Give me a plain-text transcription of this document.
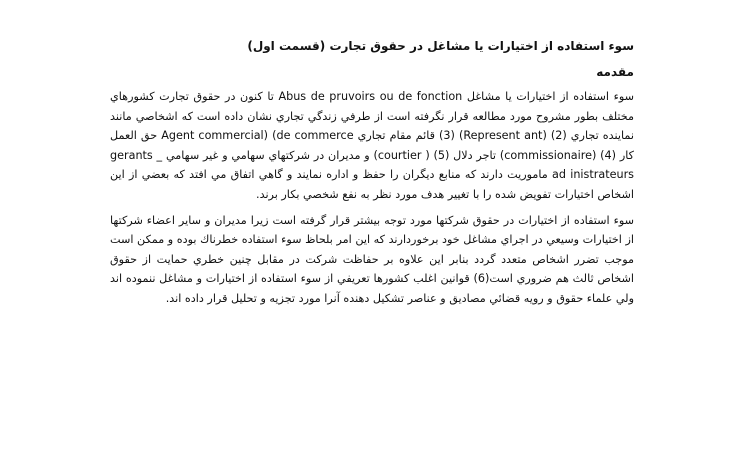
سوء استفاده از اختيارات يا مشاغل در حقوق تجارت (قسمت اول)
مقدمه

سوء استفاده از اختيارات يا مشاغل Abus de pruvoirs ou de fonction تا كنون در حقوق تجارت كشورهاي مختلف بطور مشروح مورد مطالعه قرار نگرفته است از طرفي زندگي تجاري نشان داده است كه اشخاصي مانند نماينده تجاري (2) (Represent ant) (3) قائم مقام تجاري Agent commercial) (de commerce حق العمل كار (4) (commissionaire) تاجر دلال (5) ( courtier) و مديران در شركتهاي سهامي و غير سهامي gerants _ ad inistrateurs ماموريت دارند كه منابع ديگران را حفظ و اداره نمايند و گاهي اتفاق مي افتد كه بعضي از اين اشخاص اختيارات تفويض شده را با تغيير هدف مورد نظر به نفع شخصي بكار برند.

سوء استفاده از اختيارات در حقوق شركتها مورد توجه بيشتر قرار گرفته است زيرا مديران و ساير اعضاء شركتها از اختيارات وسيعي در اجراي مشاغل خود برخوردارند كه اين امر بلحاظ سوء استفاده خطرناك بوده و ممكن است موجب تضرر اشخاص متعدد گردد بنابر اين علاوه بر حفاظت شركت در مقابل چنين خطري حمايت از حقوق اشخاص ثالث هم ضروري است(6) قوانين اغلب كشورها تعريفي از سوء استفاده از اختيارات و مشاغل ننموده اند ولي علماء حقوق و رويه قضائي مصاديق و عناصر تشكيل دهنده آنرا مورد تجزيه و تحليل قرار داده اند.
